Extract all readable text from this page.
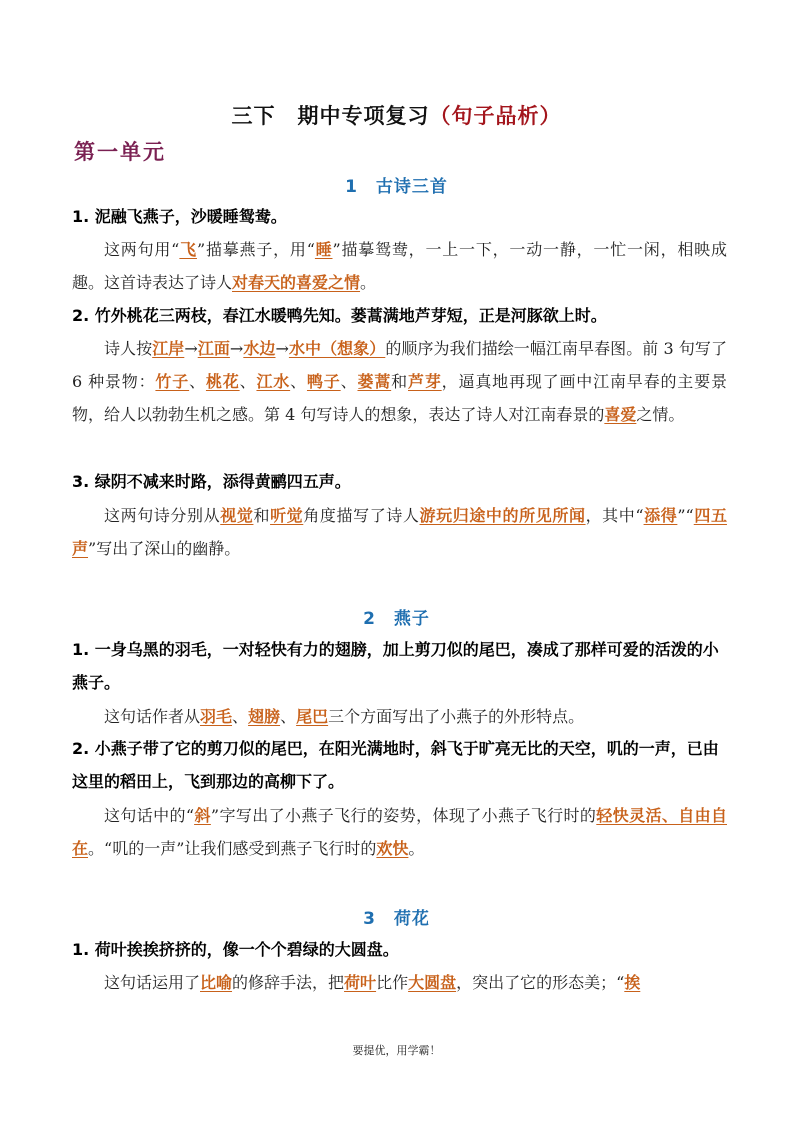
三下　期中专项复习（句子品析）
第一单元
1 古诗三首
1. 泥融飞燕子，沙暖睡鸳鸯。
这两句用“飞”描摹燕子，用“睡”描摹鸳鸯，一上一下，一动一静，一忙一闲，相映成趣。这首诗表达了诗人对春天的喜爱之情。
2. 竹外桃花三两枝，春江水暖鸭先知。蒌蒿满地芦芽短，正是河豚欲上时。
诗人按江岸→江面→水边→水中（想象）的顺序为我们描绘一幅江南早春图。前 3 句写了 6 种景物：竹子、桃花、江水、鸭子、蒌蒿和芦芽，逼真地再现了画中江南早春的主要景物，给人以勃勃生机之感。第 4 句写诗人的想象，表达了诗人对江南春景的喜爱之情。
3. 绿阴不减来时路，添得黄鹂四五声。
这两句诗分别从视觉和听觉角度描写了诗人游玩归途中的所见所闻，其中“添得”“四五声”写出了深山的幽静。
2 燕子
1. 一身乌黑的羽毛，一对轻快有力的翅膀，加上剪刀似的尾巴，凑成了那样可爱的活泼的小燕子。
这句话作者从羽毛、翅膀、尾巴三个方面写出了小燕子的外形特点。
2. 小燕子带了它的剪刀似的尾巴，在阳光满地时，斜飞于旷亮无比的天空，叽的一声，已由这里的稻田上，飞到那边的高柳下了。
这句话中的“斜”字写出了小燕子飞行的姿势，体现了小燕子飞行时的轻快灵活、自由自在。“叽的一声”让我们感受到燕子飞行时的欢快。
3 荷花
1. 荷叶挨挨挤挤的，像一个个碧绿的大圆盘。
这句话运用了比喻的修辞手法，把荷叶比作大圆盘，突出了它的形态美；“挨
要提优，用学霸！
